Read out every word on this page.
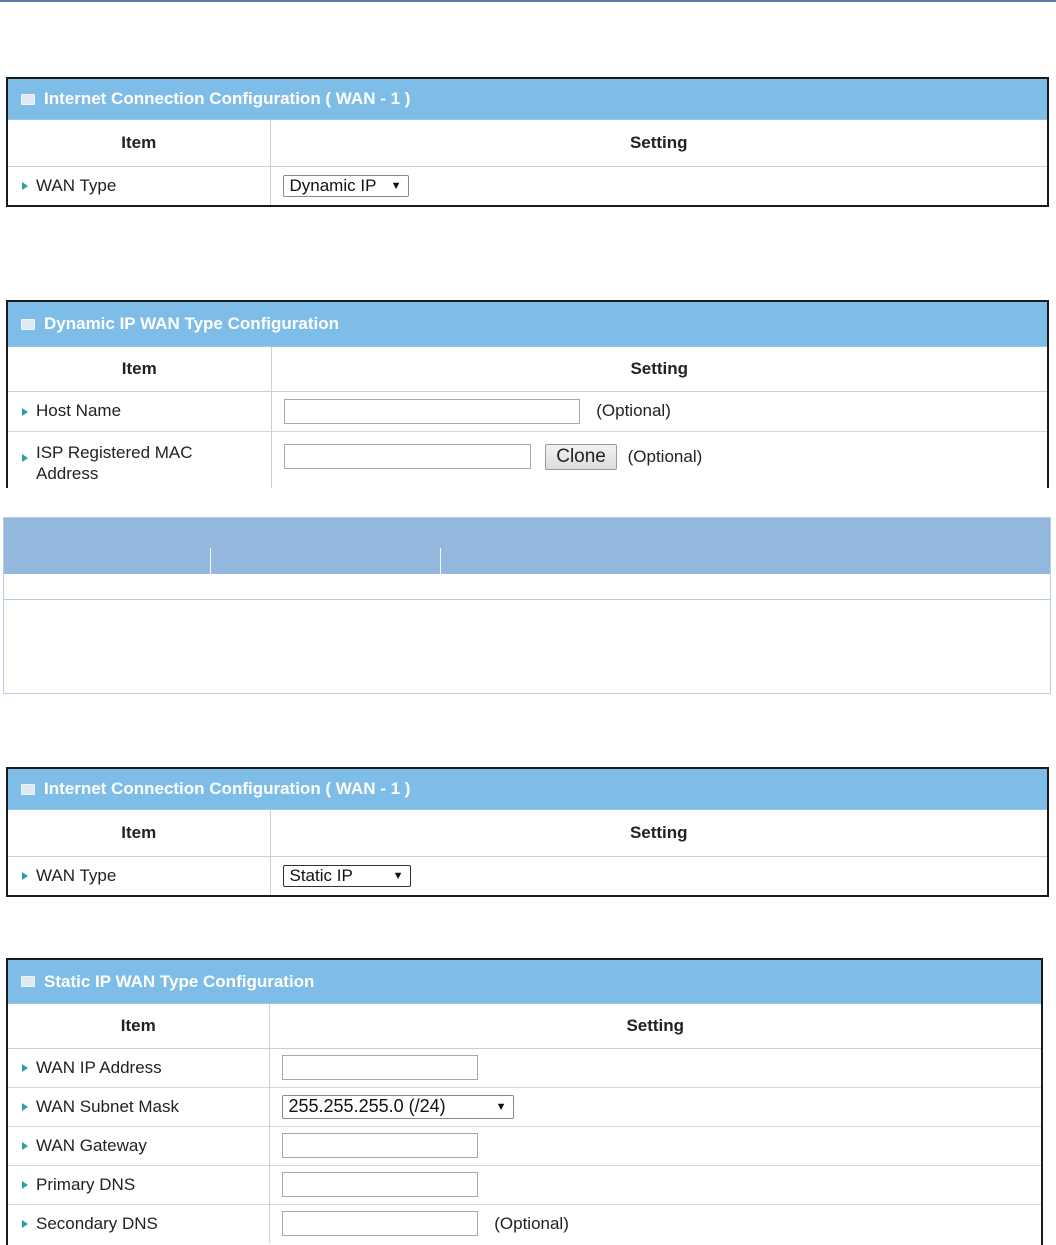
Internet Connection Configuration ( WAN - 1 )
Item	Setting
WAN Type	Dynamic IP ▼
Dynamic IP WAN Type Configuration
Item	Setting
Host Name	(Optional)

ISP Registered MAC Address	Clone (Optional)
Internet Connection Configuration ( WAN - 1 )
Item	Setting
WAN Type	Static IP ▼
Static IP WAN Type Configuration
Item	Setting
WAN IP Address	
WAN Subnet Mask	255.255.255.0 (/24) ▼

WAN Gateway	
Primary DNS	
Secondary DNS	(Optional)
